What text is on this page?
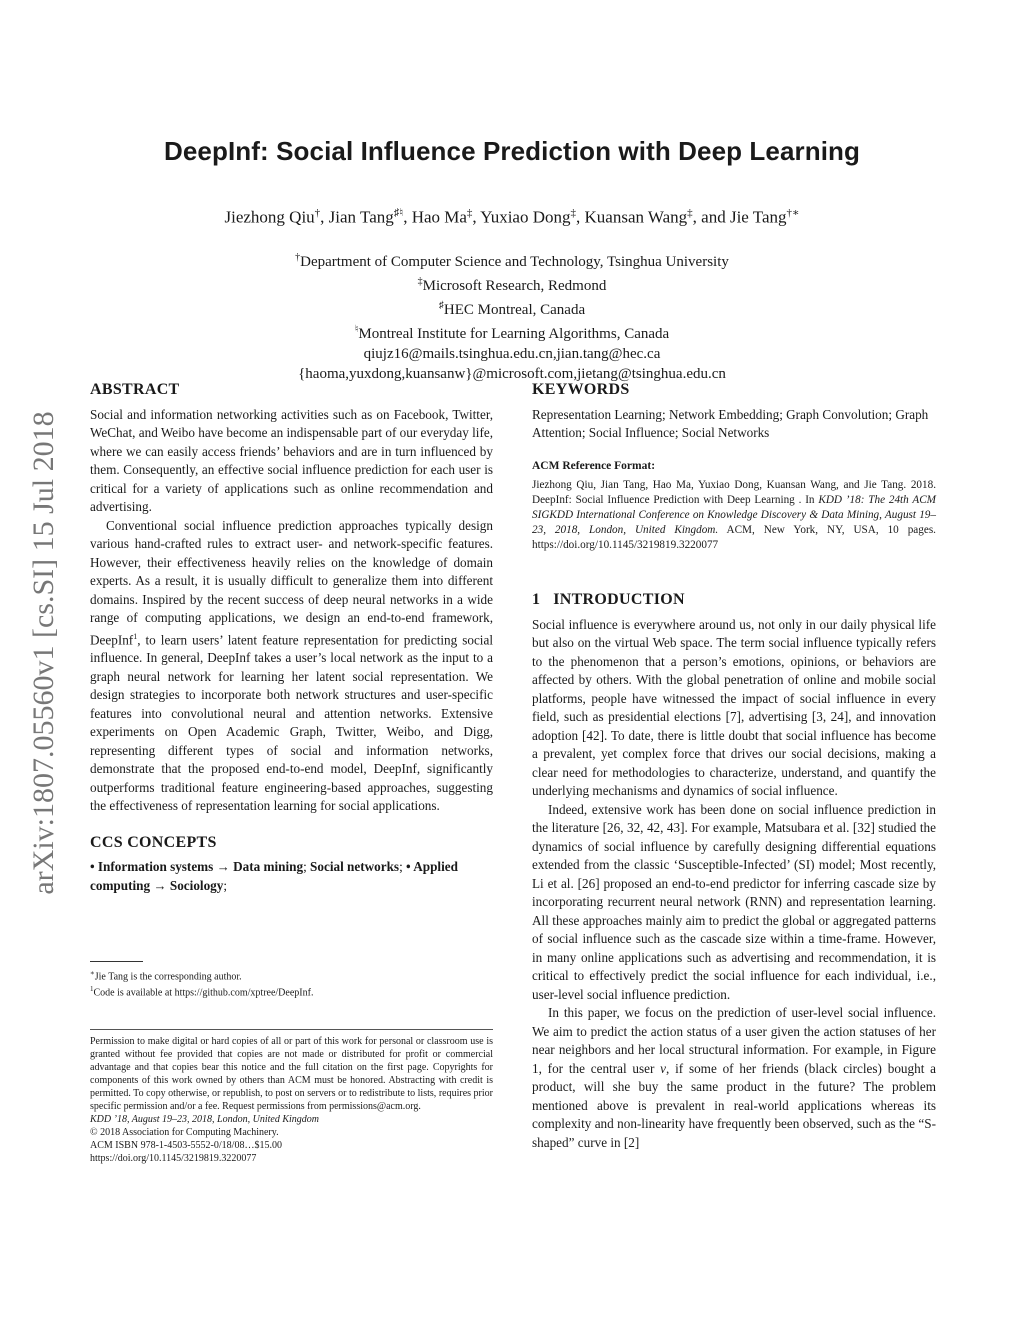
arXiv:1807.05560v1 [cs.SI] 15 Jul 2018
DeepInf: Social Influence Prediction with Deep Learning
Jiezhong Qiu†, Jian Tang♯♮, Hao Ma‡, Yuxiao Dong‡, Kuansan Wang‡, and Jie Tang†∗
†Department of Computer Science and Technology, Tsinghua University
‡Microsoft Research, Redmond
♯HEC Montreal, Canada
♮Montreal Institute for Learning Algorithms, Canada
qiujz16@mails.tsinghua.edu.cn,jian.tang@hec.ca
{haoma,yuxdong,kuansanw}@microsoft.com,jietang@tsinghua.edu.cn
ABSTRACT

Social and information networking activities such as on Facebook, Twitter, WeChat, and Weibo have become an indispensable part of our everyday life, where we can easily access friends’ behaviors and are in turn influenced by them. Consequently, an effective social influence prediction for each user is critical for a variety of applications such as online recommendation and advertising.

Conventional social influence prediction approaches typically design various hand-crafted rules to extract user- and network-specific features. However, their effectiveness heavily relies on the knowledge of domain experts. As a result, it is usually difficult to generalize them into different domains. Inspired by the recent success of deep neural networks in a wide range of computing applications, we design an end-to-end framework, DeepInf$^1$, to learn users’ latent feature representation for predicting social influence. In general, DeepInf takes a user’s local network as the input to a graph neural network for learning her latent social representation. We design strategies to incorporate both network structures and user-specific features into convolutional neural and attention networks. Extensive experiments on Open Academic Graph, Twitter, Weibo, and Digg, representing different types of social and information networks, demonstrate that the proposed end-to-end model, DeepInf, significantly outperforms traditional feature engineering-based approaches, suggesting the effectiveness of representation learning for social applications.

CCS CONCEPTS

• Information systems → Data mining; Social networks; • Applied computing → Sociology;

∗Jie Tang is the corresponding author.
$^1$Code is available at https://github.com/xptree/DeepInf.

Permission to make digital or hard copies of all or part of this work for personal or classroom use is granted without fee provided that copies are not made or distributed for profit or commercial advantage and that copies bear this notice and the full citation on the first page. Copyrights for components of this work owned by others than ACM must be honored. Abstracting with credit is permitted. To copy otherwise, or republish, to post on servers or to redistribute to lists, requires prior specific permission and/or a fee. Request permissions from permissions@acm.org.

KDD ’18, August 19–23, 2018, London, United Kingdom

© 2018 Association for Computing Machinery.

ACM ISBN 978-1-4503-5552-0/18/08…$15.00

https://doi.org/10.1145/3219819.3220077

KEYWORDS

Representation Learning; Network Embedding; Graph Convolution; Graph Attention; Social Influence; Social Networks

ACM Reference Format:

Jiezhong Qiu, Jian Tang, Hao Ma, Yuxiao Dong, Kuansan Wang, and Jie Tang. 2018. DeepInf: Social Influence Prediction with Deep Learning . In KDD ’18: The 24th ACM SIGKDD International Conference on Knowledge Discovery & Data Mining, August 19–23, 2018, London, United Kingdom. ACM, New York, NY, USA, 10 pages. https://doi.org/10.1145/3219819.3220077

1   INTRODUCTION

Social influence is everywhere around us, not only in our daily physical life but also on the virtual Web space. The term social influence typically refers to the phenomenon that a person’s emotions, opinions, or behaviors are affected by others. With the global penetration of online and mobile social platforms, people have witnessed the impact of social influence in every field, such as presidential elections [7], advertising [3, 24], and innovation adoption [42]. To date, there is little doubt that social influence has become a prevalent, yet complex force that drives our social decisions, making a clear need for methodologies to characterize, understand, and quantify the underlying mechanisms and dynamics of social influence.

Indeed, extensive work has been done on social influence prediction in the literature [26, 32, 42, 43]. For example, Matsubara et al. [32] studied the dynamics of social influence by carefully designing differential equations extended from the classic ‘Susceptible-Infected’ (SI) model; Most recently, Li et al. [26] proposed an end-to-end predictor for inferring cascade size by incorporating recurrent neural network (RNN) and representation learning. All these approaches mainly aim to predict the global or aggregated patterns of social influence such as the cascade size within a time-frame. However, in many online applications such as advertising and recommendation, it is critical to effectively predict the social influence for each individual, i.e., user-level social influence prediction.

In this paper, we focus on the prediction of user-level social influence. We aim to predict the action status of a user given the action statuses of her near neighbors and her local structural information. For example, in Figure 1, for the central user v, if some of her friends (black circles) bought a product, will she buy the same product in the future? The problem mentioned above is prevalent in real-world applications whereas its complexity and non-linearity have frequently been observed, such as the “S-shaped” curve in [2]
